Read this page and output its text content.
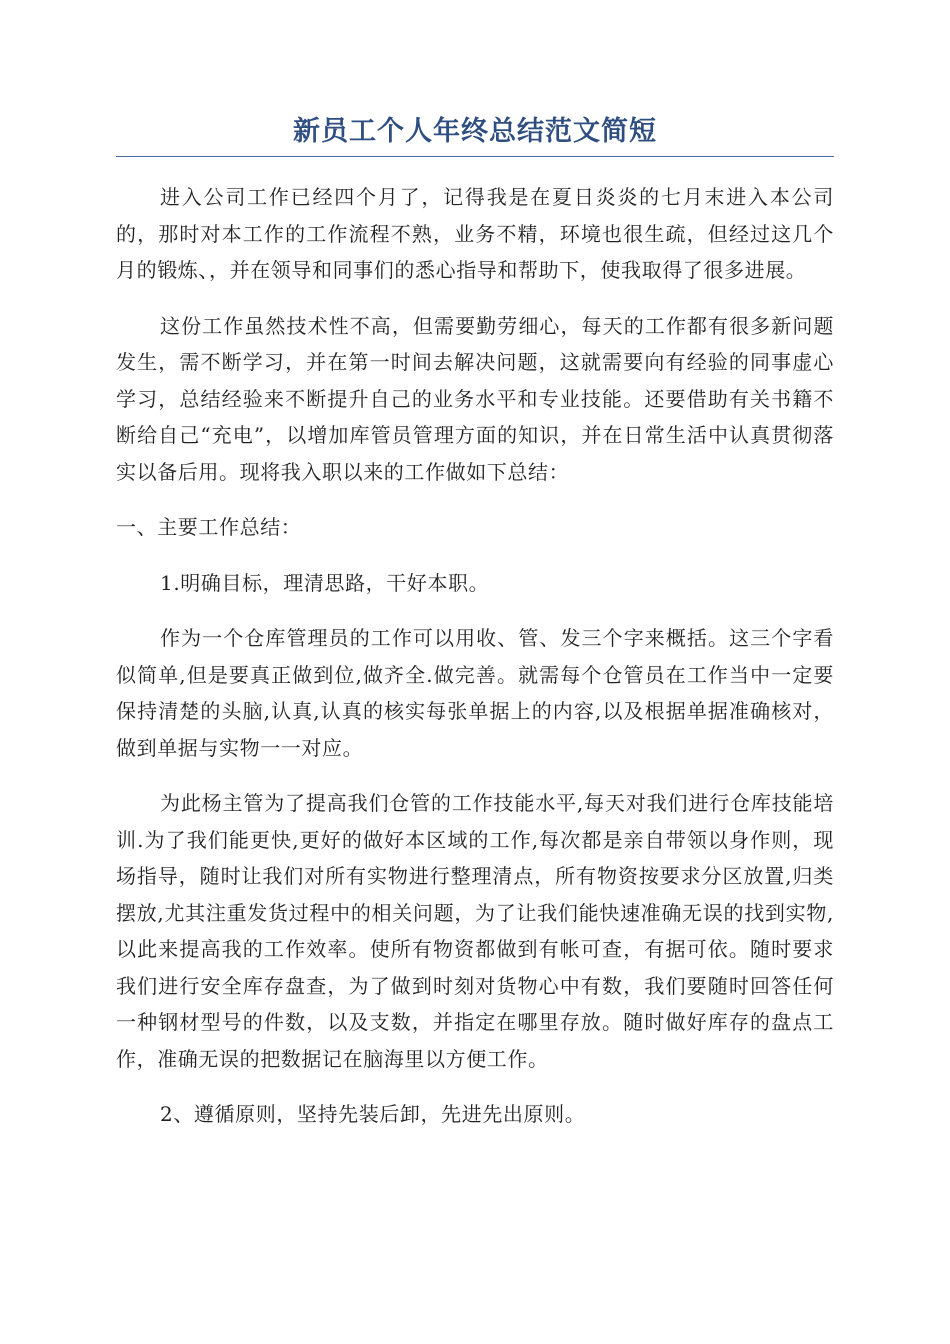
新员工个人年终总结范文简短

进入公司工作已经四个月了，记得我是在夏日炎炎的七月末进入本公司的，那时对本工作的工作流程不熟，业务不精，环境也很生疏，但经过这几个月的锻炼、，并在领导和同事们的悉心指导和帮助下，使我取得了很多进展。

这份工作虽然技术性不高，但需要勤劳细心，每天的工作都有很多新问题发生，需不断学习，并在第一时间去解决问题，这就需要向有经验的同事虚心学习，总结经验来不断提升自己的业务水平和专业技能。还要借助有关书籍不断给自己“充电”，以增加库管员管理方面的知识，并在日常生活中认真贯彻落实以备后用。现将我入职以来的工作做如下总结：

一、主要工作总结：

1.明确目标，理清思路，干好本职。

作为一个仓库管理员的工作可以用收、管、发三个字来概括。这三个字看似简单,但是要真正做到位,做齐全.做完善。就需每个仓管员在工作当中一定要保持清楚的头脑,认真,认真的核实每张单据上的内容,以及根据单据准确核对，做到单据与实物一一对应。

为此杨主管为了提高我们仓管的工作技能水平,每天对我们进行仓库技能培训.为了我们能更快,更好的做好本区域的工作,每次都是亲自带领以身作则，现场指导，随时让我们对所有实物进行整理清点，所有物资按要求分区放置,归类摆放,尤其注重发货过程中的相关问题，为了让我们能快速准确无误的找到实物,以此来提高我的工作效率。使所有物资都做到有帐可查，有据可依。随时要求我们进行安全库存盘查，为了做到时刻对货物心中有数，我们要随时回答任何一种钢材型号的件数，以及支数，并指定在哪里存放。随时做好库存的盘点工作，准确无误的把数据记在脑海里以方便工作。

2、遵循原则，坚持先装后卸，先进先出原则。
